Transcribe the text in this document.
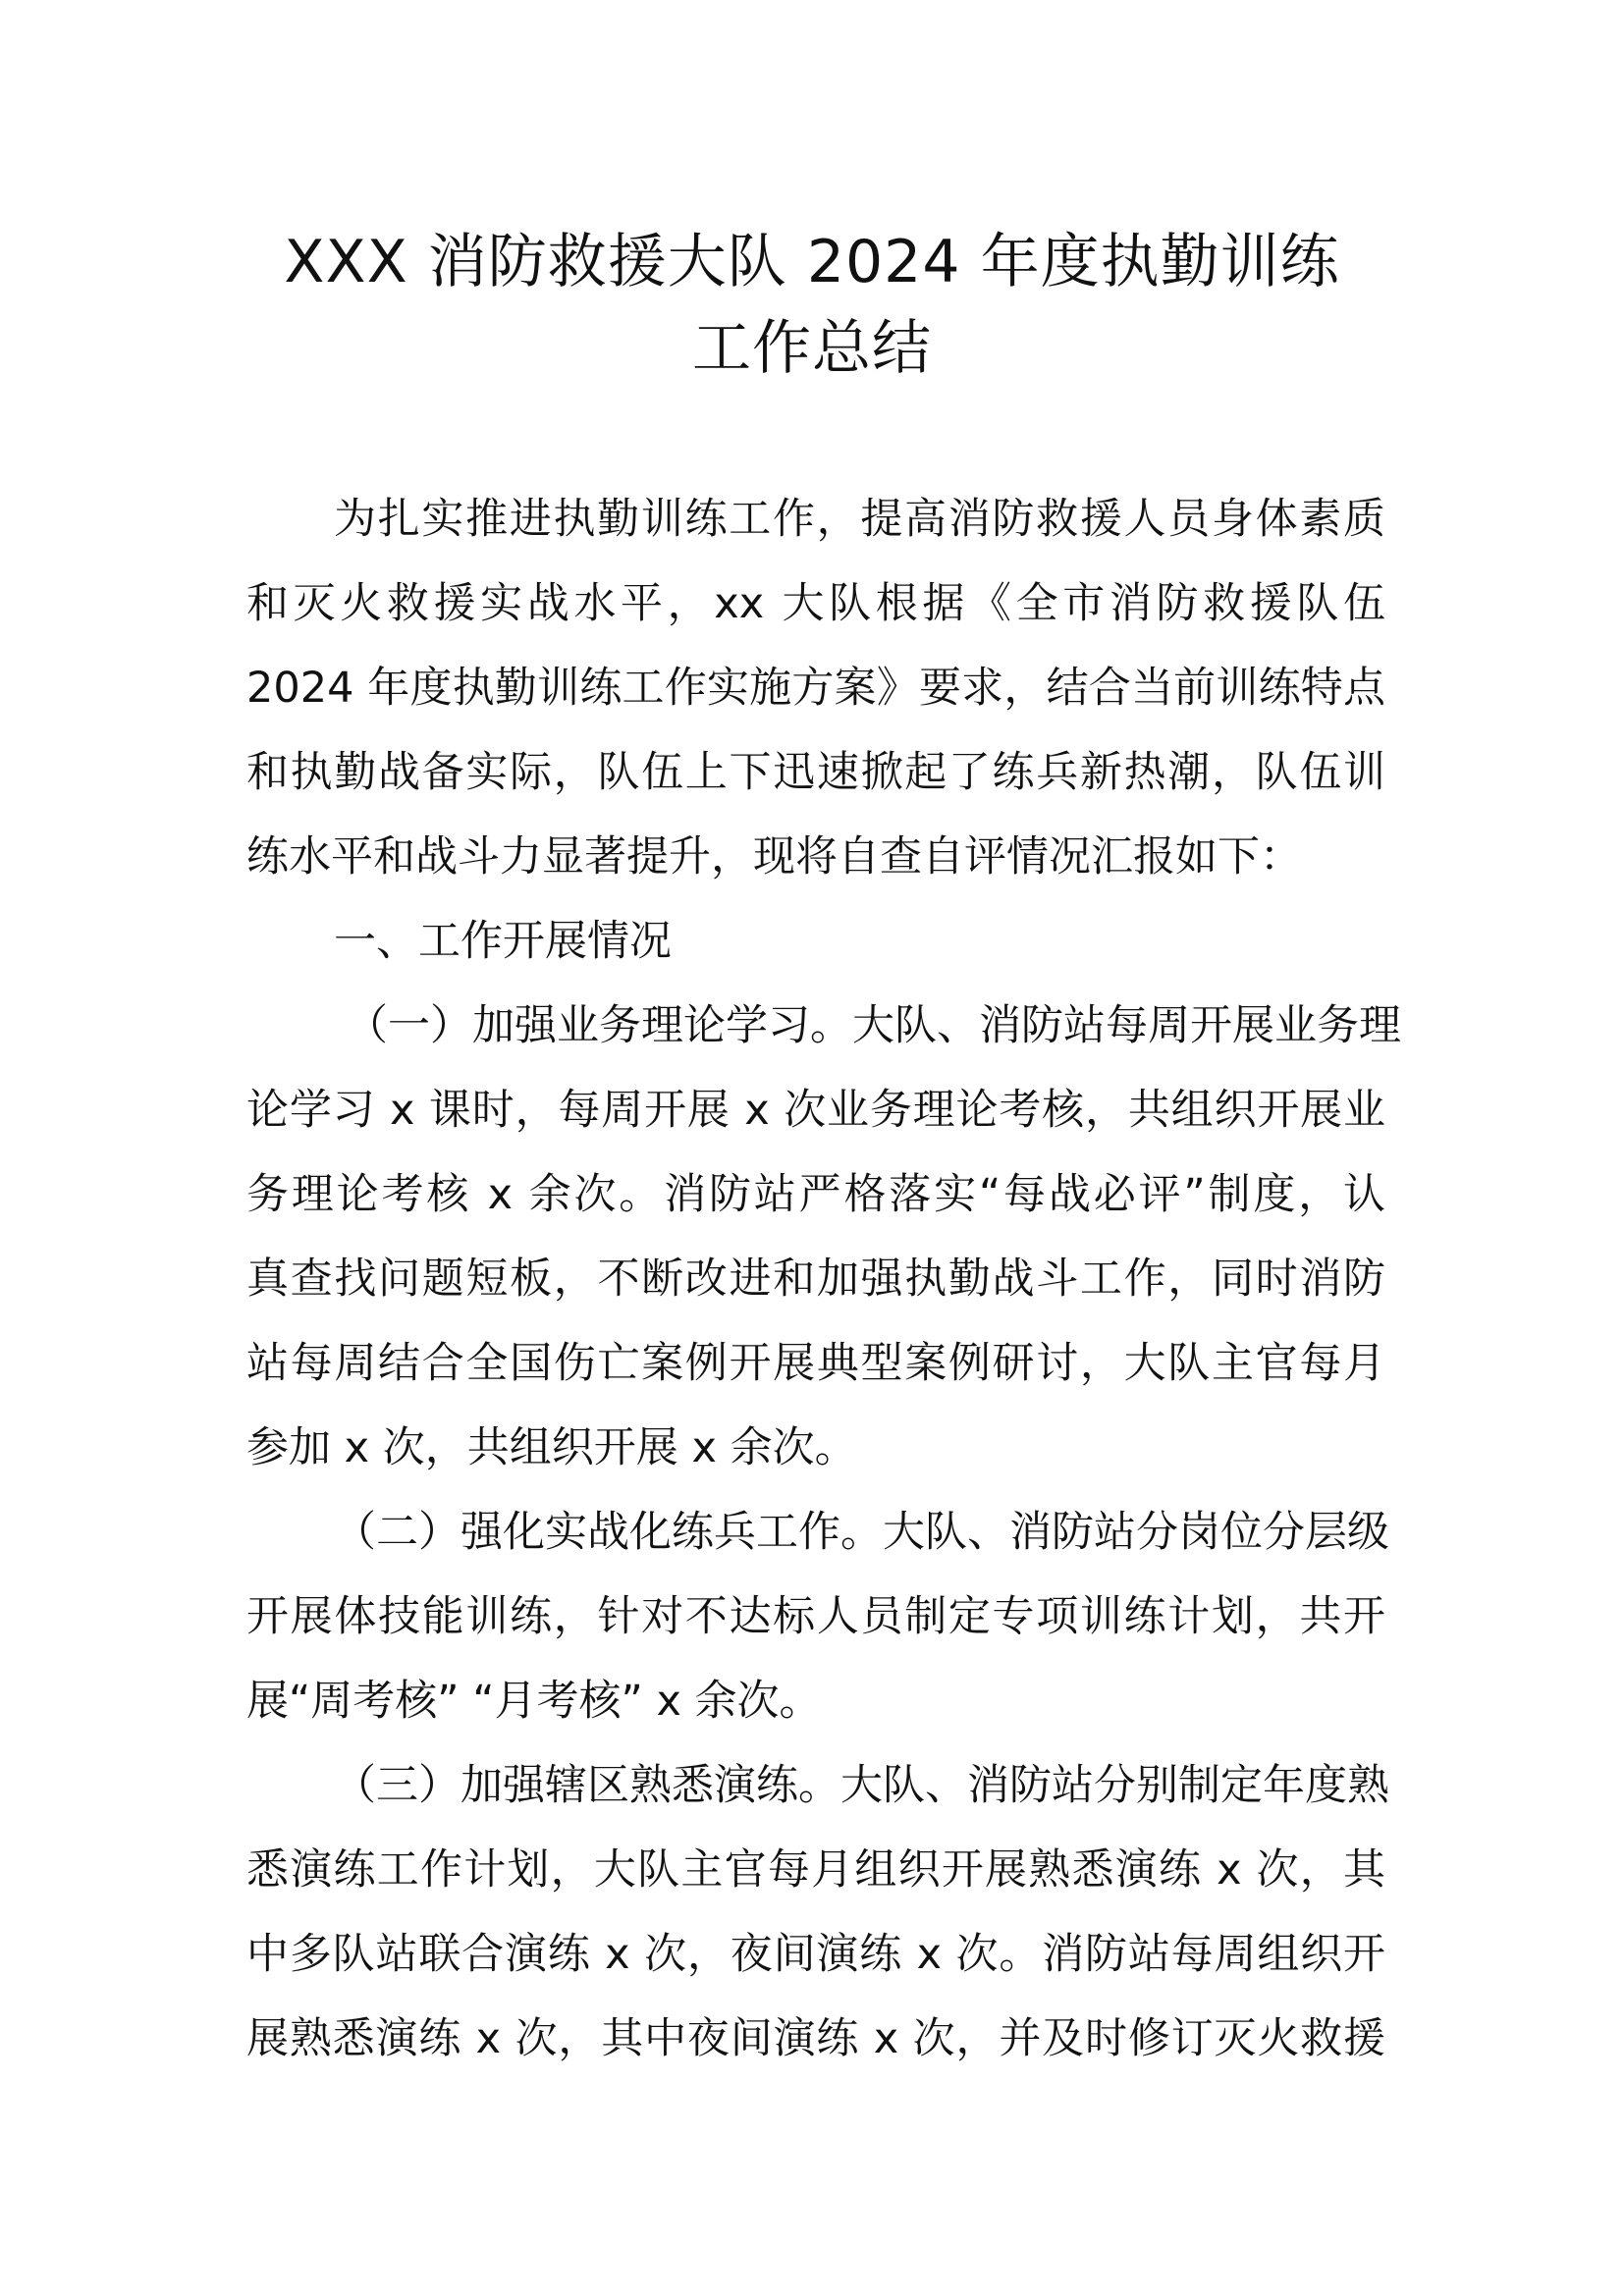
XXX 消防救援大队 2024 年度执勤训练
工作总结
为扎实推进执勤训练工作，提高消防救援人员身体素质
和灭火救援实战水平，xx 大队根据《全市消防救援队伍
2024 年度执勤训练工作实施方案》要求，结合当前训练特点
和执勤战备实际，队伍上下迅速掀起了练兵新热潮，队伍训
练水平和战斗力显著提升，现将自查自评情况汇报如下：
一、工作开展情况
（一）加强业务理论学习。大队、消防站每周开展业务理
论学习 x 课时，每周开展 x 次业务理论考核，共组织开展业
务理论考核 x 余次。消防站严格落实“每战必评”制度，认
真查找问题短板，不断改进和加强执勤战斗工作，同时消防
站每周结合全国伤亡案例开展典型案例研讨，大队主官每月
参加 x 次，共组织开展 x 余次。
（二）强化实战化练兵工作。大队、消防站分岗位分层级
开展体技能训练，针对不达标人员制定专项训练计划，共开
展“周考核” “月考核” x 余次。
（三）加强辖区熟悉演练。大队、消防站分别制定年度熟
悉演练工作计划，大队主官每月组织开展熟悉演练 x 次，其
中多队站联合演练 x 次，夜间演练 x 次。消防站每周组织开
展熟悉演练 x 次，其中夜间演练 x 次，并及时修订灭火救援
